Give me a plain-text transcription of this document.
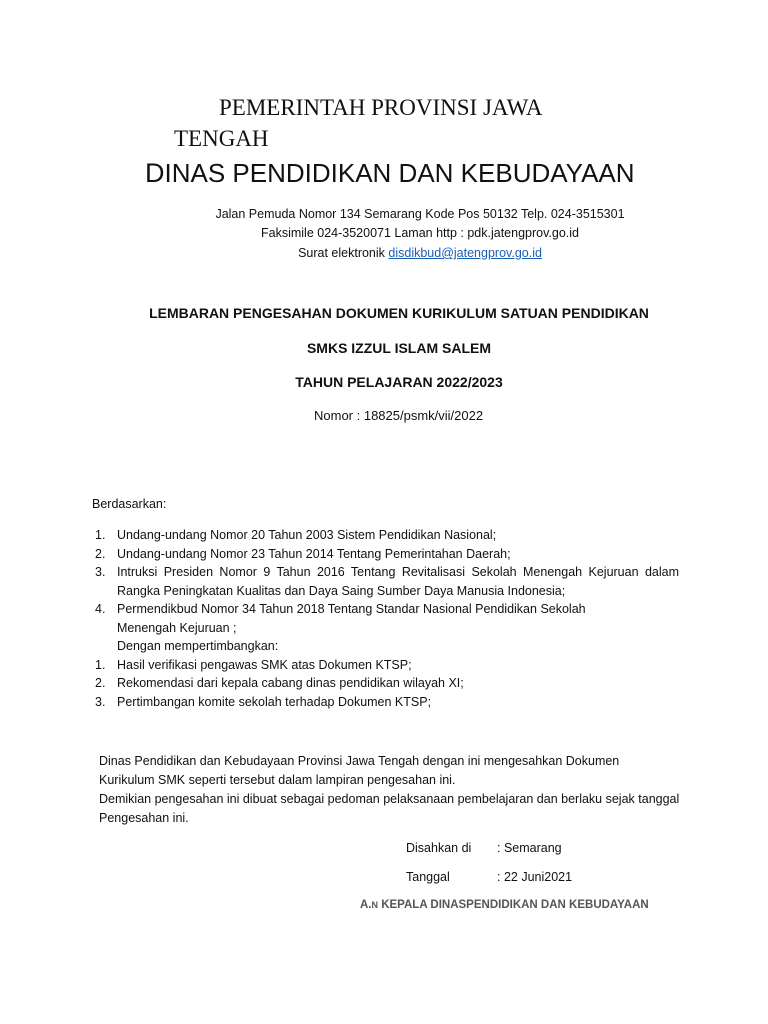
PEMERINTAH PROVINSI JAWA
TENGAH
DINAS PENDIDIKAN DAN KEBUDAYAAN
Jalan Pemuda Nomor 134 Semarang Kode Pos 50132 Telp. 024-3515301
Faksimile 024-3520071 Laman http : pdk.jatengprov.go.id
Surat elektronik disdikbud@jatengprov.go.id
LEMBARAN PENGESAHAN DOKUMEN KURIKULUM SATUAN PENDIDIKAN
SMKS IZZUL ISLAM SALEM
TAHUN PELAJARAN 2022/2023
Nomor : 18825/psmk/vii/2022
Berdasarkan:
1. Undang-undang Nomor 20 Tahun 2003 Sistem Pendidikan Nasional;
2. Undang-undang Nomor 23 Tahun 2014 Tentang Pemerintahan Daerah;
3. Intruksi Presiden Nomor 9 Tahun 2016 Tentang Revitalisasi Sekolah Menengah Kejuruan dalam
Rangka Peningkatan Kualitas dan Daya Saing Sumber Daya Manusia Indonesia;
4. Permendikbud Nomor 34 Tahun 2018 Tentang Standar Nasional Pendidikan Sekolah
Menengah Kejuruan ;
Dengan mempertimbangkan:
1. Hasil verifikasi pengawas SMK atas Dokumen KTSP;
2. Rekomendasi dari kepala cabang dinas pendidikan wilayah XI;
3. Pertimbangan komite sekolah terhadap Dokumen KTSP;

Dinas Pendidikan dan Kebudayaan Provinsi Jawa Tengah dengan ini mengesahkan Dokumen

Kurikulum SMK seperti tersebut dalam lampiran pengesahan ini.

Demikian pengesahan ini dibuat sebagai pedoman pelaksanaan pembelajaran dan berlaku sejak tanggal

Pengesahan ini.

Disahkan di : Semarang
Tanggal	: 22 Juni2021
A.N KEPALA DINASPENDIDIKAN DAN KEBUDAYAAN
